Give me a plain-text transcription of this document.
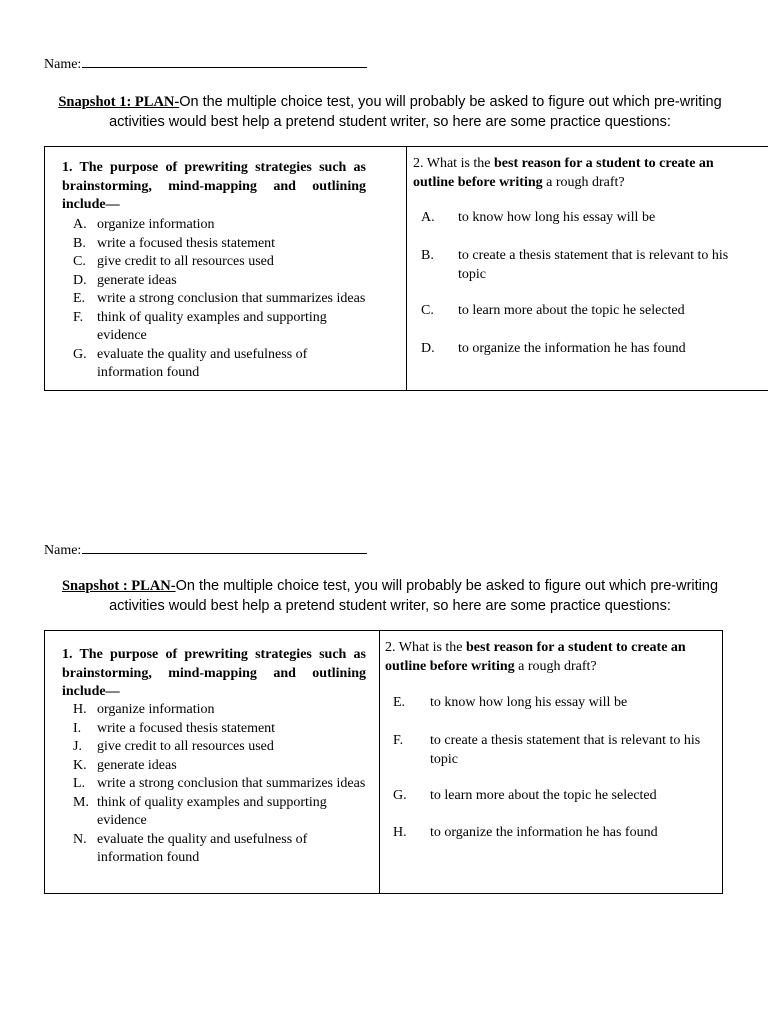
Name:
Snapshot 1: PLAN-On the multiple choice test, you will probably be asked to figure out which pre-writing activities would best help a pretend student writer, so here are some practice questions:
1. The purpose of prewriting strategies such as brainstorming, mind-mapping and outlining include—
A. organize information
B. write a focused thesis statement
C. give credit to all resources used
D. generate ideas
E. write a strong conclusion that summarizes ideas
F. think of quality examples and supporting evidence
G. evaluate the quality and usefulness of information found
2. What is the best reason for a student to create an outline before writing a rough draft?
A. to know how long his essay will be
B. to create a thesis statement that is relevant to his topic
C. to learn more about the topic he selected
D. to organize the information he has found
Name:
Snapshot : PLAN-On the multiple choice test, you will probably be asked to figure out which pre-writing activities would best help a pretend student writer, so here are some practice questions:
1. The purpose of prewriting strategies such as brainstorming, mind-mapping and outlining include—
H. organize information
I. write a focused thesis statement
J. give credit to all resources used
K. generate ideas
L. write a strong conclusion that summarizes ideas
M. think of quality examples and supporting evidence
N. evaluate the quality and usefulness of information found
2. What is the best reason for a student to create an outline before writing a rough draft?
E. to know how long his essay will be
F. to create a thesis statement that is relevant to his topic
G. to learn more about the topic he selected
H. to organize the information he has found
